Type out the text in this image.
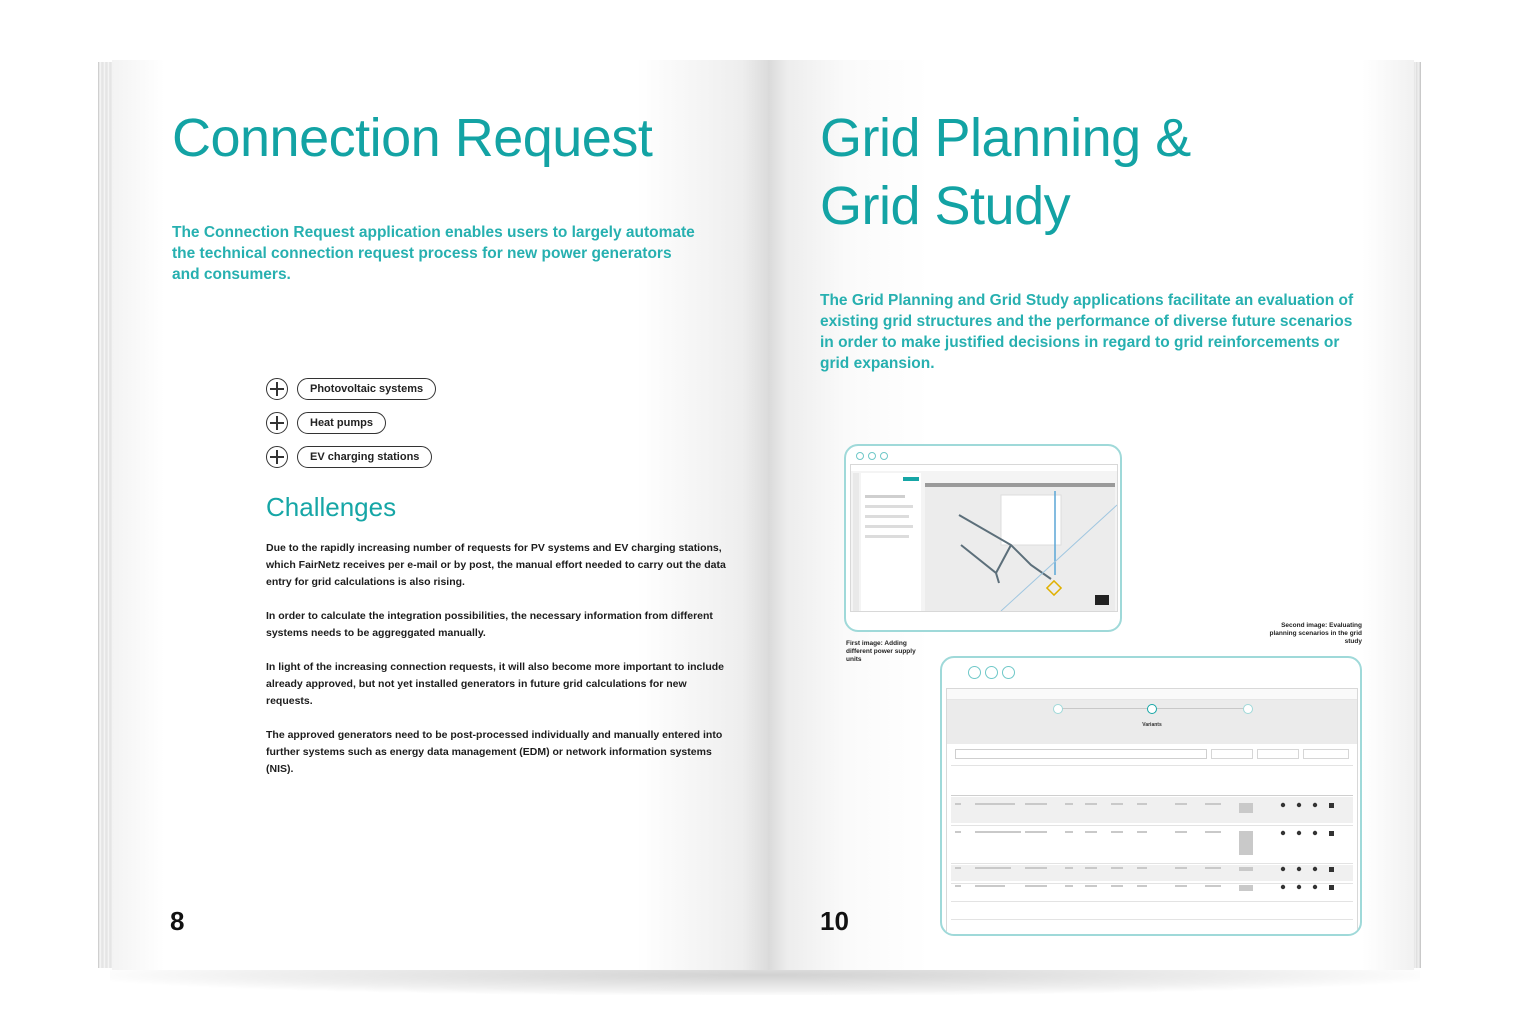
Connection Request

The Connection Request application enables users to largely automate the technical connection request process for new power generators and consumers.

Photovoltaic systems
Heat pumps
EV charging stations
Challenges

Due to the rapidly increasing number of requests for PV systems and EV charging stations, which FairNetz receives per e-mail or by post, the manual effort needed to carry out the data entry for grid calculations is also rising.

In order to calculate the integration possibilities, the necessary information from different systems needs to be aggreggated manually.

In light of the increasing connection requests, it will also become more important to include already approved, but not yet installed generators in future grid calculations for new requests.

The approved generators need to be post-processed individually and manually entered into further systems such as energy data management (EDM) or network information systems (NIS).

8
Grid Planning &
Grid Study

The Grid Planning and Grid Study applications facilitate an evaluation of existing grid structures and the performance of diverse future scenarios in order to make justified decisions in regard to grid reinforcements or grid expansion.

First image: Adding different power supply units
Second image: Evaluating planning scenarios in the grid study
Variants
10
